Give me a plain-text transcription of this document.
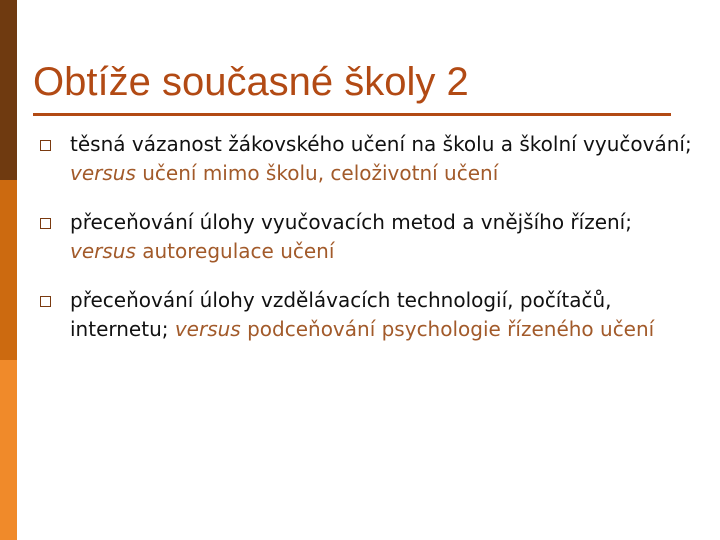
Obtíže současné školy 2
těsná vázanost žákovského učení na školu a školní vyučování; versus učení mimo školu, celoživotní učení
přeceňování úlohy vyučovacích metod a vnějšího řízení; versus autoregulace učení
přeceňování úlohy vzdělávacích technologií, počítačů, internetu; versus podceňování psychologie řízeného učení
